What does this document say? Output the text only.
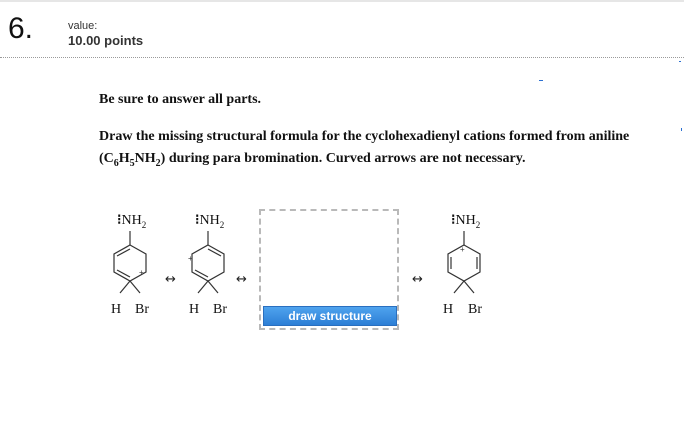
6.	value:
10.00 points
Be sure to answer all parts.
Draw the missing structural formula for the cyclohexadienyl cations formed from aniline
$(C_6H_5NH_2)$ during para bromination. Curved arrows are not necessary.
$⁝NH_2$
+
H Br
↔
$⁝NH_2$
+
H Br
↔
draw structure
↔
$⁝NH_2$
+
H Br
